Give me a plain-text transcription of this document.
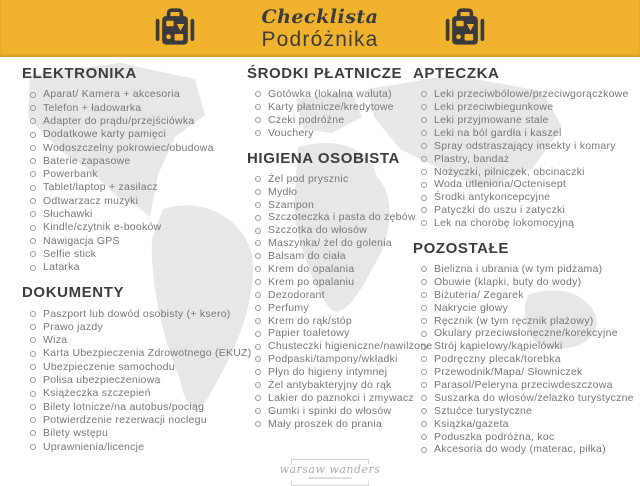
Checklista
Podróżnika
ELEKTRONIKA
Aparat/ Kamera + akcesoria
Telefon + ładowarka
Adapter do prądu/przejściówka
Dodatkowe karty pamięci
Wodoszczelny pokrowiec/obudowa
Baterie zapasowe
Powerbank
Tablet/laptop + zasilacz
Odtwarzacz muzyki
Słuchawki
Kindle/czytnik e-booków
Nawigacja GPS
Selfie stick
Latarka
DOKUMENTY
Paszport lub dowód osobisty (+ ksero)
Prawo jazdy
Wiza
Karta Ubezpieczenia Zdrowotnego (EKUZ)
Ubezpieczenie samochodu
Polisa ubezpieczeniowa
Książeczka szczepień
Bilety lotnicze/na autobus/pociąg
Potwierdzenie rezerwacji noclegu
Bilety wstępu
Uprawnienia/licencje
ŚRODKI PŁATNICZE
Gotówka (lokalna waluta)
Karty płatnicze/kredytowe
Czeki podróżne
Vouchery
HIGIENA OSOBISTA
Żel pod prysznic
Mydło
Szampon
Szczoteczka i pasta do zębów
Szczotka do włosów
Maszynka/ żel do golenia
Balsam do ciała
Krem do opalania
Krem po opalaniu
Dezodorant
Perfumy
Krem do rąk/stóp
Papier toaletowy
Chusteczki higieniczne/nawilżone
Podpaski/tampony/wkładki
Płyn do higieny intymnej
Żel antybakteryjny do rąk
Lakier do paznokci i zmywacz
Gumki i spinki do włosów
Mały proszek do prania
APTECZKA
Leki przeciwbólowe/przeciwgorączkowe
Leki przeciwbiegunkowe
Leki przyjmowane stale
Leki na ból gardła i kaszel
Spray odstraszający insekty i komary
Plastry, bandaż
Nożyczki, pilniczek, obcinaczki
Woda utleniona/Octenisept
Środki antykoncepcyjne
Patyczki do uszu i zatyczki
Lek na chorobę lokomocyjną
POZOSTAŁE
Bielizna i ubrania (w tym pidżama)
Obuwie (klapki, buty do wody)
Biżuteria/ Zegarek
Nakrycie głowy
Ręcznik (w tym ręcznik plażowy)
Okulary przeciwsłoneczne/korekcyjne
Strój kąpielowy/kąpielówki
Podręczny plecak/torebka
Przewodnik/Mapa/ Słowniczek
Parasol/Peleryna przeciwdeszczowa
Suszarka do włosów/żelazko turystyczne
Sztućce turystyczne
Książka/gazeta
Poduszka podróżna, koc
Akcesoria do wody (materac, piłka)
warsaw wanders
